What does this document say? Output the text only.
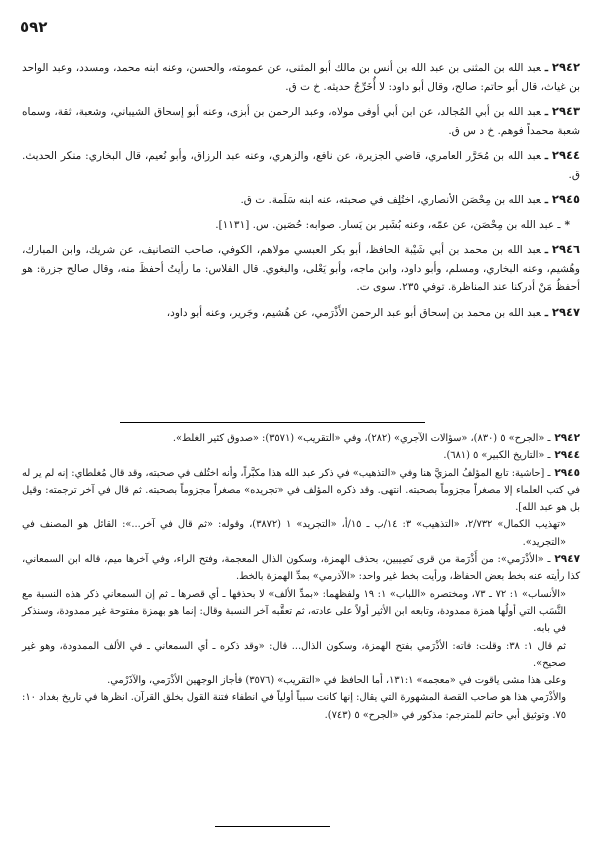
٥٩٢

٢٩٤٢ـعبد الله بن المثنى بن عبد الله بن أنس بن مالك أبو المثنى، عن عمومته، والحسن، وعنه ابنه محمد، ومسدد، وعبد الواحد بن غياث، قال أبو حاتم: صالح، وقال أبو داود: لا أُخَرِّجُ حديثه. خ ت ق.

٢٩٤٣ـعبد الله بن أبي المُجالد، عن ابن أبي أوفى مولاه، وعبد الرحمن بن أبزى، وعنه أبو إسحاق الشيباني، وشعبة، ثقة، وسماه شعبة محمداً فوهم. خ د س ق.

٢٩٤٤ـعبد الله بن مُحَرَّر العامري، قاضي الجزيرة، عن نافع، والزهري، وعنه عبد الرزاق، وأبو نُعيم، قال البخاري: منكر الحديث. ق.

٢٩٤٥ـعبد الله بن مِحْصَن الأنصاري، اختُلِف في صحبته، عنه ابنه سَلَمة. ت ق.

*ـ عبد الله بن مِحْصَن، عن عمّه، وعنه بُشَير بن يَسار. صوابه: حُصَين. س. [١١٣١].

٢٩٤٦ـعبد الله بن محمد بن أبي شَيْبة الحافظ، أبو بكر العبسي مولاهم، الكوفي، صاحب التصانيف، عن شريك، وابن المبارك، وهُشيم، وعنه البخاري، ومسلم، وأبو داود، وابن ماجه، وأبو يَعْلى، والبغوي. قال الفلاس: ما رأيتُ أحفظَ منه، وقال صالح جزرة: هو أحفظُ مَنْ أدركنا عند المناظرة. توفي ٢٣٥. سوى ت.

٢٩٤٧ـعبد الله بن محمد بن إسحاق أبو عبد الرحمن الأَذْرَمي، عن هُشيم، وجَرير، وعنه أبو داود،

٢٩٤٢ـ «الجرح» ٥ (٨٣٠)، «سؤالات الآجري» (٢٨٢)، وفي «التقريب» (٣٥٧١): «صدوق كثير الغلط».

٢٩٤٤ـ «التاريخ الكبير» ٥ (٦٨١).

٢٩٤٥ـ [حاشية: تابع المؤلفُ المزيَّ هنا وفي «التذهيب» في ذكر عبد الله هذا مكبَّراً، وأنه اختُلف في صحبته، وقد قال مُغلطاي: إنه لم ير له في كتب العلماء إلا مصغراً مجزوماً بصحبته. انتهى. وقد ذكره المؤلف في «تجريده» مصغراً مجزوماً بصحبته. ثم قال في آخر ترجمته: وقيل بل هو عبد الله].

«تهذيب الكمال» ٢/٧٣٢، «التذهيب» ٣: ١٤/ب ـ ١٥/أ، «التجريد» ١ (٣٨٧٢)، وقوله: «ثم قال في آخر...»: القائل هو المصنف في «التجريد».

٢٩٤٧ـ «الأذْرَمي»: من أَذْرَمة من قرى نَصِيبين، بحذف الهمزة، وسكون الذال المعجمة، وفتح الراء، وفي آخرها ميم، قاله ابن السمعاني، كذا رأيته عنه بخط بعض الحفاظ، ورأيت بخط غير واحد: «الآذرمي» بمدِّ الهمزة بالخط.

«الأنساب» ١: ٧٢ ـ ٧٣، ومختصره «اللباب» ١: ١٩ ولفظهما: «بمدِّ الألف» لا بحذفها ـ أي قصرها ـ ثم إن السمعاني ذكر هذه النسبة مع النَّسَب التي أولُها همزة ممدودة، وتابعه ابن الأثير أولاً على عادته، ثم تعقَّبه آخر النسبة وقال: إنما هو بهمزة مفتوحة غير ممدودة، وسنذكر في بابه.

ثم قال ١: ٣٨: وقلت: فاته: الأذْرَمي بفتح الهمزة، وسكون الذال... قال: «وقد ذكره ـ أي السمعاني ـ في الألف الممدودة، وهو غير صحيح».

وعلى هذا مشى ياقوت في «معجمه» ١٣١:١، أما الحافظ في «التقريب» (٣٥٧٦) فأجاز الوجهين الأذْرَمي، والآذَرْمي.

والأذْرَمي هذا هو صاحب القصة المشهورة التي يقال: إنها كانت سبباً أولياً في انطفاء فتنة القول بخلق القرآن. انظرها في تاريخ بغداد ١٠: ٧٥. وتوثيق أبي حاتم للمترجم: مذكور في «الجرح» ٥ (٧٤٣).
